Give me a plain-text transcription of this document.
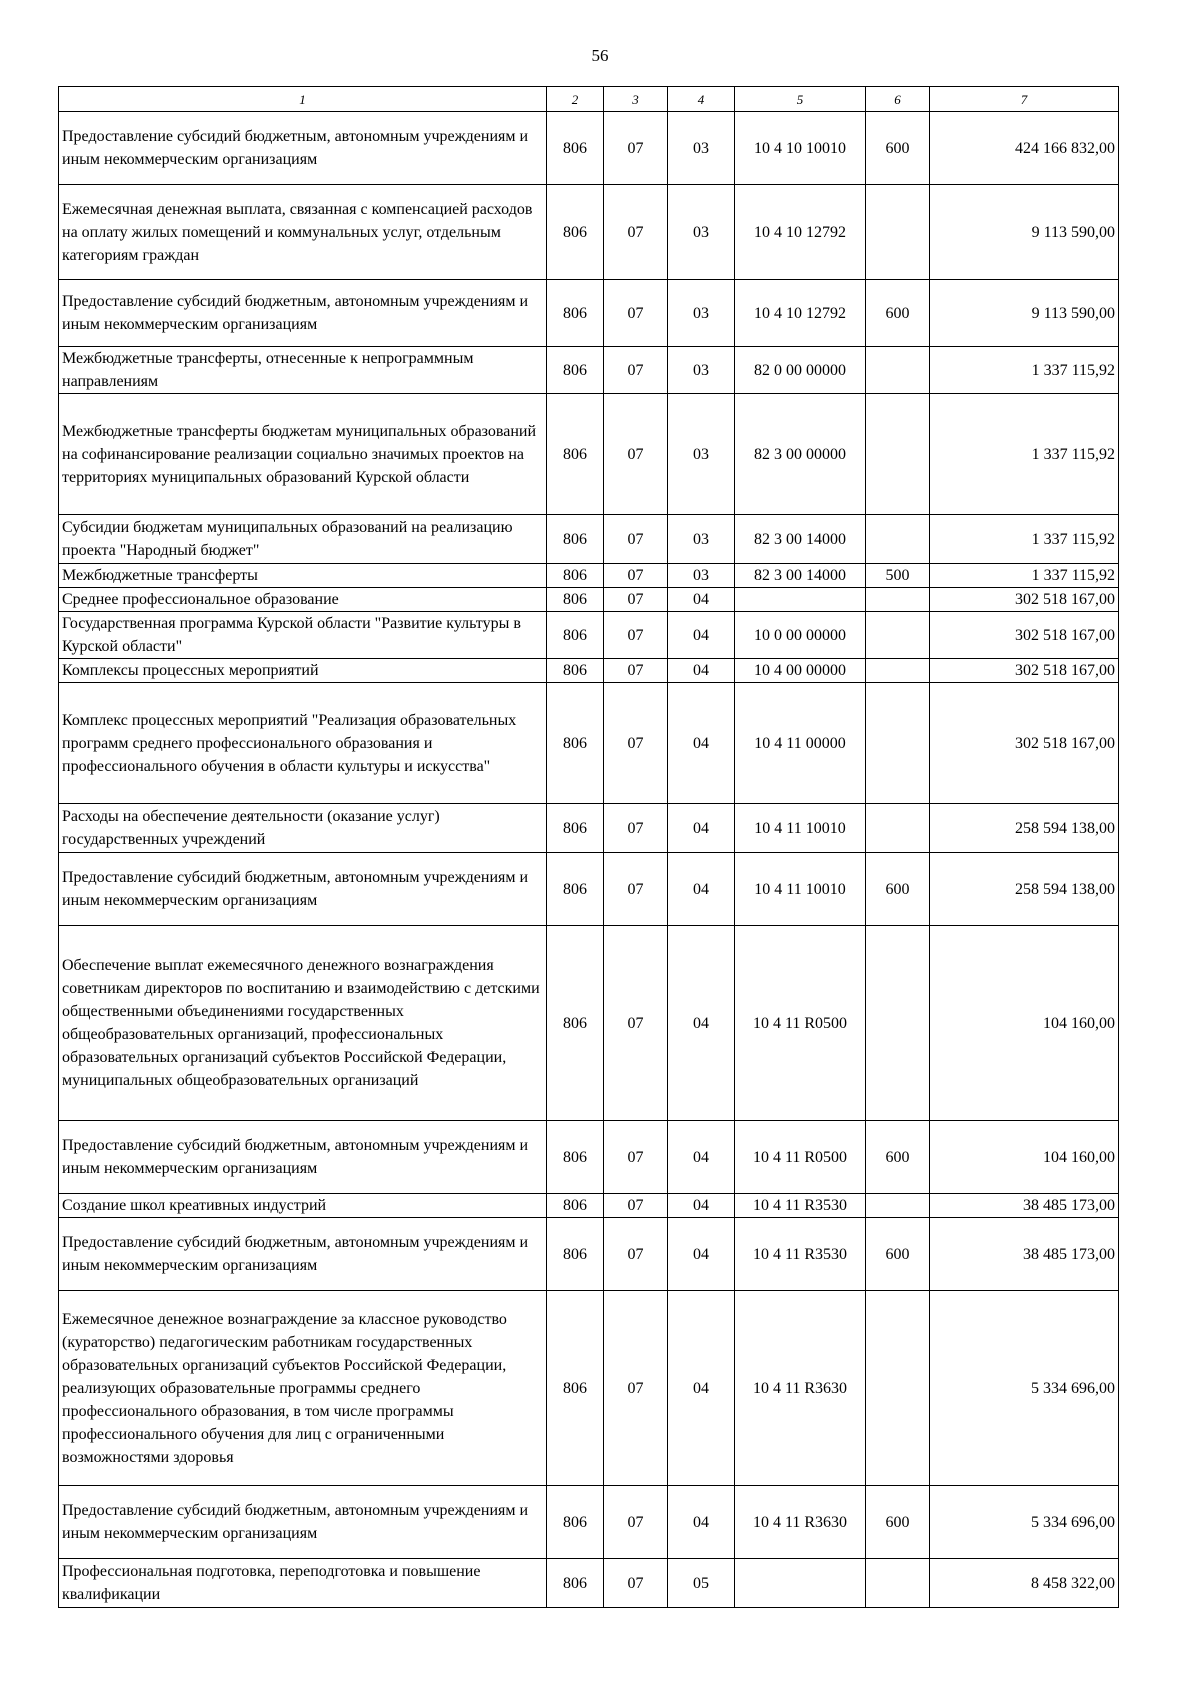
56
1	2	3	4	5	6	7
Предоставление субсидий бюджетным, автономным учреждениям и иным некоммерческим организациям	806	07	03	10 4 10 10010	600	424 166 832,00
Ежемесячная денежная выплата, связанная с компенсацией расходов на оплату жилых помещений и коммунальных услуг, отдельным категориям граждан	806	07	03	10 4 10 12792		9 113 590,00
Предоставление субсидий бюджетным, автономным учреждениям и иным некоммерческим организациям	806	07	03	10 4 10 12792	600	9 113 590,00
Межбюджетные трансферты, отнесенные к непрограммным направлениям	806	07	03	82 0 00 00000		1 337 115,92
Межбюджетные трансферты бюджетам муниципальных образований на софинансирование реализации социально значимых проектов на территориях муниципальных образований Курской области	806	07	03	82 3 00 00000		1 337 115,92
Субсидии бюджетам муниципальных образований на реализацию проекта "Народный бюджет"	806	07	03	82 3 00 14000		1 337 115,92
Межбюджетные трансферты	806	07	03	82 3 00 14000	500	1 337 115,92
Среднее профессиональное образование	806	07	04			302 518 167,00
Государственная программа Курской области "Развитие культуры в Курской области"	806	07	04	10 0 00 00000		302 518 167,00
Комплексы процессных мероприятий	806	07	04	10 4 00 00000		302 518 167,00
Комплекс процессных мероприятий "Реализация образовательных программ среднего профессионального образования и профессионального обучения в области культуры и искусства"	806	07	04	10 4 11 00000		302 518 167,00
Расходы на обеспечение деятельности (оказание услуг) государственных учреждений	806	07	04	10 4 11 10010		258 594 138,00
Предоставление субсидий бюджетным, автономным учреждениям и иным некоммерческим организациям	806	07	04	10 4 11 10010	600	258 594 138,00
Обеспечение выплат ежемесячного денежного вознаграждения советникам директоров по воспитанию и взаимодействию с детскими общественными объединениями государственных общеобразовательных организаций, профессиональных образовательных организаций субъектов Российской Федерации, муниципальных общеобразовательных организаций	806	07	04	10 4 11 R0500		104 160,00
Предоставление субсидий бюджетным, автономным учреждениям и иным некоммерческим организациям	806	07	04	10 4 11 R0500	600	104 160,00
Создание школ креативных индустрий	806	07	04	10 4 11 R3530		38 485 173,00
Предоставление субсидий бюджетным, автономным учреждениям и иным некоммерческим организациям	806	07	04	10 4 11 R3530	600	38 485 173,00
Ежемесячное денежное вознаграждение за классное руководство (кураторство) педагогическим работникам государственных образовательных организаций субъектов Российской Федерации, реализующих образовательные программы среднего профессионального образования, в том числе программы профессионального обучения для лиц с ограниченными возможностями здоровья	806	07	04	10 4 11 R3630		5 334 696,00
Предоставление субсидий бюджетным, автономным учреждениям и иным некоммерческим организациям	806	07	04	10 4 11 R3630	600	5 334 696,00
Профессиональная подготовка, переподготовка и повышение квалификации	806	07	05			8 458 322,00
